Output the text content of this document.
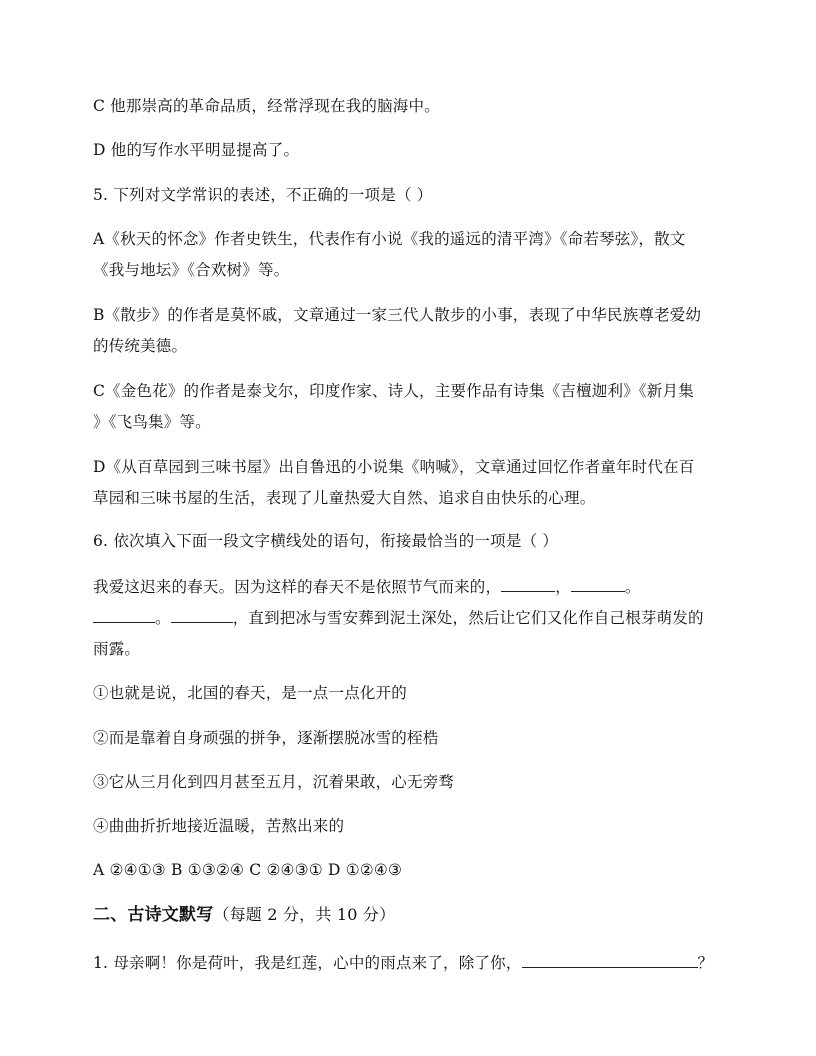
C 他那崇高的革命品质，经常浮现在我的脑海中。
D 他的写作水平明显提高了。
5. 下列对文学常识的表述，不正确的一项是（ ）
A《秋天的怀念》作者史铁生，代表作有小说《我的遥远的清平湾》《命若琴弦》，散文
《我与地坛》《合欢树》等。
B《散步》的作者是莫怀戚，文章通过一家三代人散步的小事，表现了中华民族尊老爱幼
的传统美德。
C《金色花》的作者是泰戈尔，印度作家、诗人，主要作品有诗集《吉檀迦利》《新月集
》《飞鸟集》等。
D《从百草园到三味书屋》出自鲁迅的小说集《呐喊》，文章通过回忆作者童年时代在百
草园和三味书屋的生活，表现了儿童热爱大自然、追求自由快乐的心理。
6. 依次填入下面一段文字横线处的语句，衔接最恰当的一项是（ ）
我爱这迟来的春天。因为这样的春天不是依照节气而来的，	，	。
。	，直到把冰与雪安葬到泥土深处，然后让它们又化作自己根芽萌发的
雨露。
①也就是说，北国的春天，是一点一点化开的
②而是靠着自身顽强的拼争，逐渐摆脱冰雪的桎梏
③它从三月化到四月甚至五月，沉着果敢，心无旁骛
④曲曲折折地接近温暖，苦熬出来的
A ②④①③ B ①③②④ C ②④③① D ①②④③
二、古诗文默写（每题 2 分，共 10 分）
1. 母亲啊！你是荷叶，我是红莲，心中的雨点来了，除了你，	？
